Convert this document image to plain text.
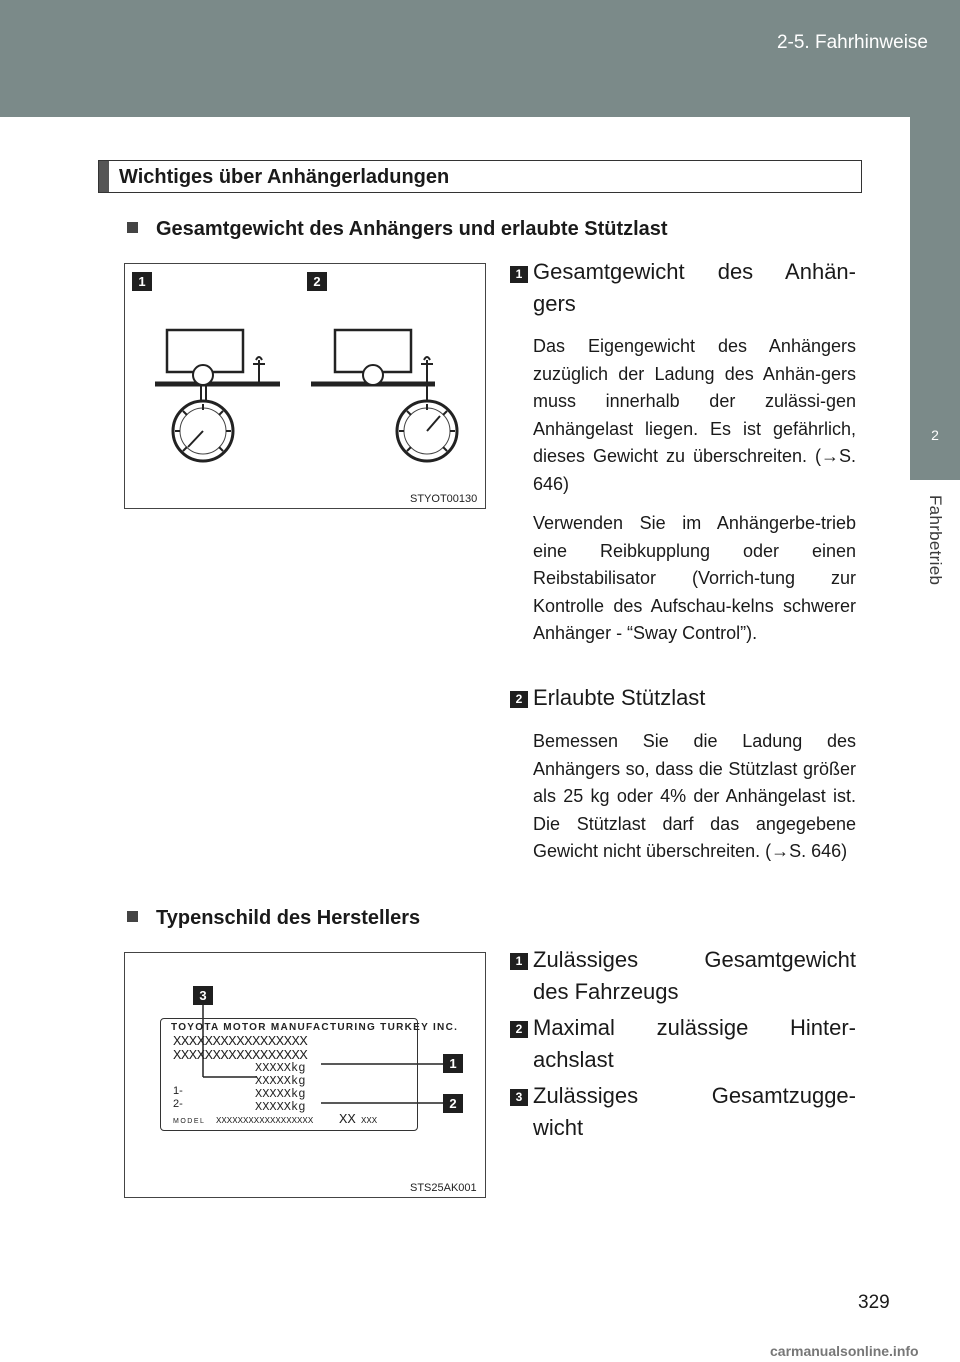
2-5. Fahrhinweise
2
Fahrbetrieb
Wichtiges über Anhängerladungen
Gesamtgewicht des Anhängers und erlaubte Stützlast
1	2
STYOT00130
1 Gesamtgewicht des Anhän-
gers
Das Eigengewicht des Anhängers zuzüglich der Ladung des Anhän-gers muss innerhalb der zulässi-gen Anhängelast liegen. Es ist gefährlich, dieses Gewicht zu überschreiten. (→S. 646)
Verwenden Sie im Anhängerbe-trieb eine Reibkupplung oder einen Reibstabilisator (Vorrich-tung zur Kontrolle des Aufschau-kelns schwerer Anhänger - “Sway Control”).
2 Erlaubte Stützlast
Bemessen Sie die Ladung des Anhängers so, dass die Stützlast größer als 25 kg oder 4% der Anhängelast ist. Die Stützlast darf das angegebene Gewicht nicht überschreiten. (→S. 646)
Typenschild des Herstellers
3
1
2
STS25AK001
TOYOTA MOTOR MANUFACTURING TURKEY INC.
XXXXXXXXXXXXXXXXX
XXXXXXXXXXXXXXXXX
XXXXXkg
XXXXXkg
1-	XXXXXkg
2-	XXXXXkg
MODEL XXXXXXXXXXXXXXXXXX XX XXX
1 Zulässiges Gesamtgewicht
des Fahrzeugs
2 Maximal zulässige Hinter-
achslast
3 Zulässiges Gesamtzugge-
wicht
329
carmanualsonline.info
